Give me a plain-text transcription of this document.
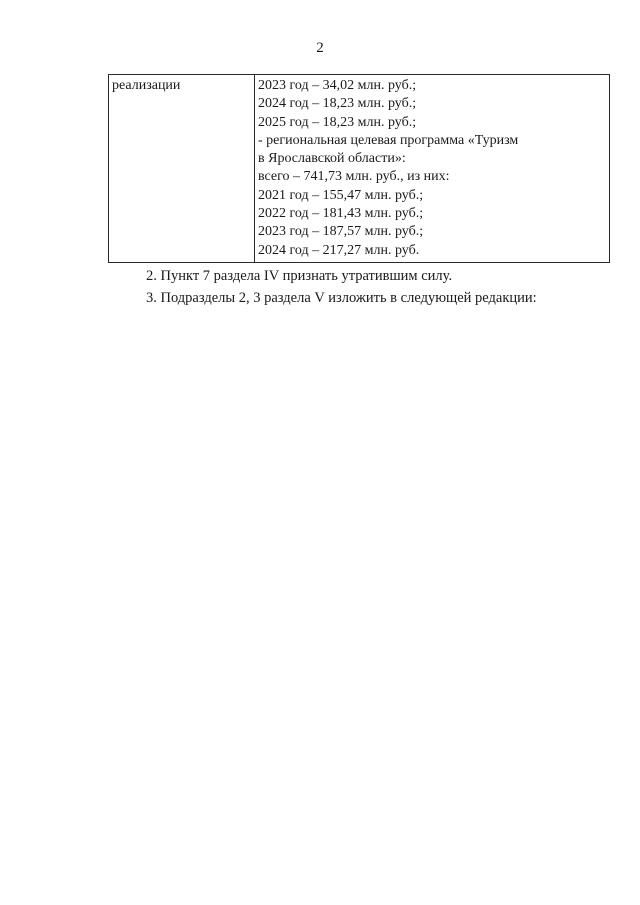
2
реализации	2023 год – 34,02 млн. руб.;
2024 год – 18,23 млн. руб.;
2025 год – 18,23 млн. руб.;
- региональная целевая программа «Туризм
в Ярославской области»:
всего – 741,73 млн. руб., из них:
2021 год – 155,47 млн. руб.;
2022 год – 181,43 млн. руб.;
2023 год – 187,57 млн. руб.;
2024 год – 217,27 млн. руб.
2. Пункт 7 раздела IV признать утратившим силу.
3. Подразделы 2, 3 раздела V изложить в следующей редакции:
